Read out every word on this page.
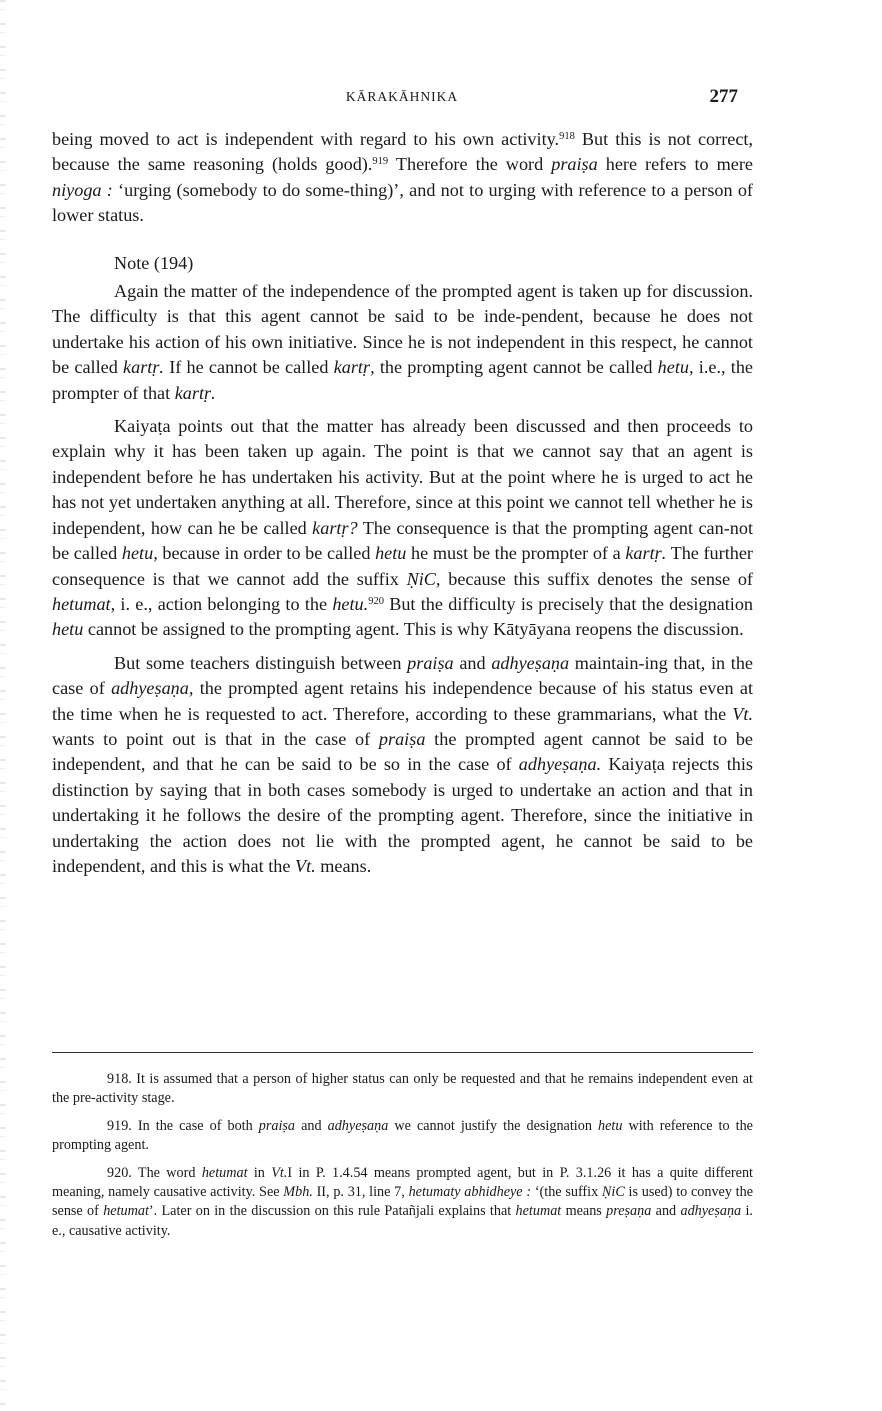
KĀRAKĀHNIKA	277

being moved to act is independent with regard to his own activity.$^{918}$ But this is not correct, because the same reasoning (holds good).$^{919}$ Therefore the word praiṣa here refers to mere niyoga : ‘urging (somebody to do some-thing)’, and not to urging with reference to a person of lower status.

Note (194)

Again the matter of the independence of the prompted agent is taken up for discussion. The difficulty is that this agent cannot be said to be inde-pendent, because he does not undertake his action of his own initiative. Since he is not independent in this respect, he cannot be called kartṛ. If he cannot be called kartṛ, the prompting agent cannot be called hetu, i.e., the prompter of that kartṛ.

Kaiyaṭa points out that the matter has already been discussed and then proceeds to explain why it has been taken up again. The point is that we cannot say that an agent is independent before he has undertaken his activity. But at the point where he is urged to act he has not yet undertaken anything at all. Therefore, since at this point we cannot tell whether he is independent, how can he be called kartṛ? The consequence is that the prompting agent can-not be called hetu, because in order to be called hetu he must be the prompter of a kartṛ. The further consequence is that we cannot add the suffix ṆiC, because this suffix denotes the sense of hetumat, i. e., action belonging to the hetu.$^{920}$ But the difficulty is precisely that the designation hetu cannot be assigned to the prompting agent. This is why Kātyāyana reopens the discussion.

But some teachers distinguish between praiṣa and adhyeṣaṇa maintain-ing that, in the case of adhyeṣaṇa, the prompted agent retains his independence because of his status even at the time when he is requested to act. Therefore, according to these grammarians, what the Vt. wants to point out is that in the case of praiṣa the prompted agent cannot be said to be independent, and that he can be said to be so in the case of adhyeṣaṇa. Kaiyaṭa rejects this distinction by saying that in both cases somebody is urged to undertake an action and that in undertaking it he follows the desire of the prompting agent. Therefore, since the initiative in undertaking the action does not lie with the prompted agent, he cannot be said to be independent, and this is what the Vt. means.

918. It is assumed that a person of higher status can only be requested and that he remains independent even at the pre-activity stage.

919. In the case of both praiṣa and adhyeṣaṇa we cannot justify the designation hetu with reference to the prompting agent.

920. The word hetumat in Vt.I in P. 1.4.54 means prompted agent, but in P. 3.1.26 it has a quite different meaning, namely causative activity. See Mbh. II, p. 31, line 7, hetumaty abhidheye : ‘(the suffix ṆiC is used) to convey the sense of hetumat’. Later on in the discussion on this rule Patañjali explains that hetumat means preṣaṇa and adhyeṣaṇa i. e., causative activity.
